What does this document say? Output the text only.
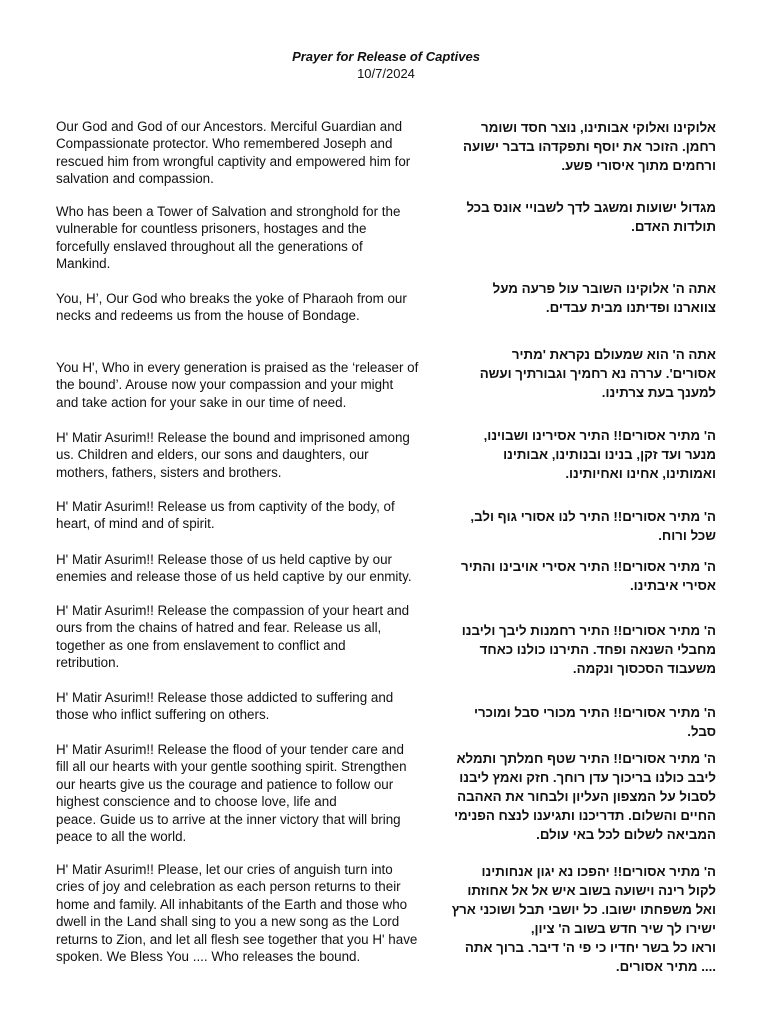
Prayer for Release of Captives
10/7/2024
Our God and God of our Ancestors. Merciful Guardian and
Compassionate protector. Who remembered Joseph and
rescued him from wrongful captivity and empowered him for
salvation and compassion.
Who has been a Tower of Salvation and stronghold for the
vulnerable for countless prisoners, hostages and the
forcefully enslaved throughout all the generations of
Mankind.
You, H’, Our God who breaks the yoke of Pharaoh from our
necks and redeems us from the house of Bondage.
You H', Who in every generation is praised as the ‘releaser of
the bound’. Arouse now your compassion and your might
and take action for your sake in our time of need.
H' Matir Asurim!! Release the bound and imprisoned among
us. Children and elders, our sons and daughters, our
mothers, fathers, sisters and brothers.
H' Matir Asurim!! Release us from captivity of the body, of
heart, of mind and of spirit.
H' Matir Asurim!! Release those of us held captive by our
enemies and release those of us held captive by our enmity.
H' Matir Asurim!! Release the compassion of your heart and
ours from the chains of hatred and fear. Release us all,
together as one from enslavement to conflict and
retribution.
H' Matir Asurim!! Release those addicted to suffering and
those who inflict suffering on others.
H' Matir Asurim!! Release the flood of your tender care and
fill all our hearts with your gentle soothing spirit. Strengthen
our hearts give us the courage and patience to follow our
highest conscience and to choose love, life and
peace. Guide us to arrive at the inner victory that will bring
peace to all the world.
H' Matir Asurim!! Please, let our cries of anguish turn into
cries of joy and celebration as each person returns to their
home and family. All inhabitants of the Earth and those who
dwell in the Land shall sing to you a new song as the Lord
returns to Zion, and let all flesh see together that you H' have
spoken. We Bless You .... Who releases the bound.
אלוקינו ואלוקי אבותינו, נוצר חסד ושומר
רחמן. הזוכר את יוסף ותפקדהו בדבר ישועה
ורחמים מתוך איסורי פשע.
מגדול ישועות ומשגב לדך לשבויי אונס בכל
תולדות האדם.
אתה ה' אלוקינו השובר עול פרעה מעל
צווארנו ופדיתנו מבית עבדים.
אתה ה' הוא שמעולם נקראת 'מתיר
אסורים'. עררה נא רחמיך וגבורתיך ועשה
למענך בעת צרתינו.
ה' מתיר אסורים!! התיר אסירינו ושבוינו,
מנער ועד זקן, בנינו ובנותינו, אבותינו
ואמותינו, אחינו ואחיותינו.
ה' מתיר אסורים!! התיר לנו אסורי גוף ולב,
שכל ורוח.
ה' מתיר אסורים!! התיר אסירי אויבינו והתיר
אסירי איבתינו.
ה' מתיר אסורים!! התיר רחמנות ליבך וליבנו
מחבלי השנאה ופחד. התירנו כולנו כאחד
משעבוד הסכסוך ונקמה.
ה' מתיר אסורים!! התיר מכורי סבל ומוכרי
סבל.
ה' מתיר אסורים!! התיר שטף חמלתך ותמלא
ליבב כולנו בריכוך עדן רוחך. חזק ואמץ ליבנו
לסבול על המצפון העליון ולבחור את האהבה
החיים והשלום. תדריכנו ותגיענו לנצח הפנימי
המביאה לשלום לכל באי עולם.
ה' מתיר אסורים!! יהפכו נא יגון אנחותינו
לקול רינה וישועה בשוב איש אל אל אחוזתו
ואל משפחתו ישובו. כל יושבי תבל ושוכני ארץ
ישירו לך שיר חדש בשוב ה' ציון,
וראו כל בשר יחדיו כי פי ה' דיבר. ברוך אתה
.... מתיר אסורים.
